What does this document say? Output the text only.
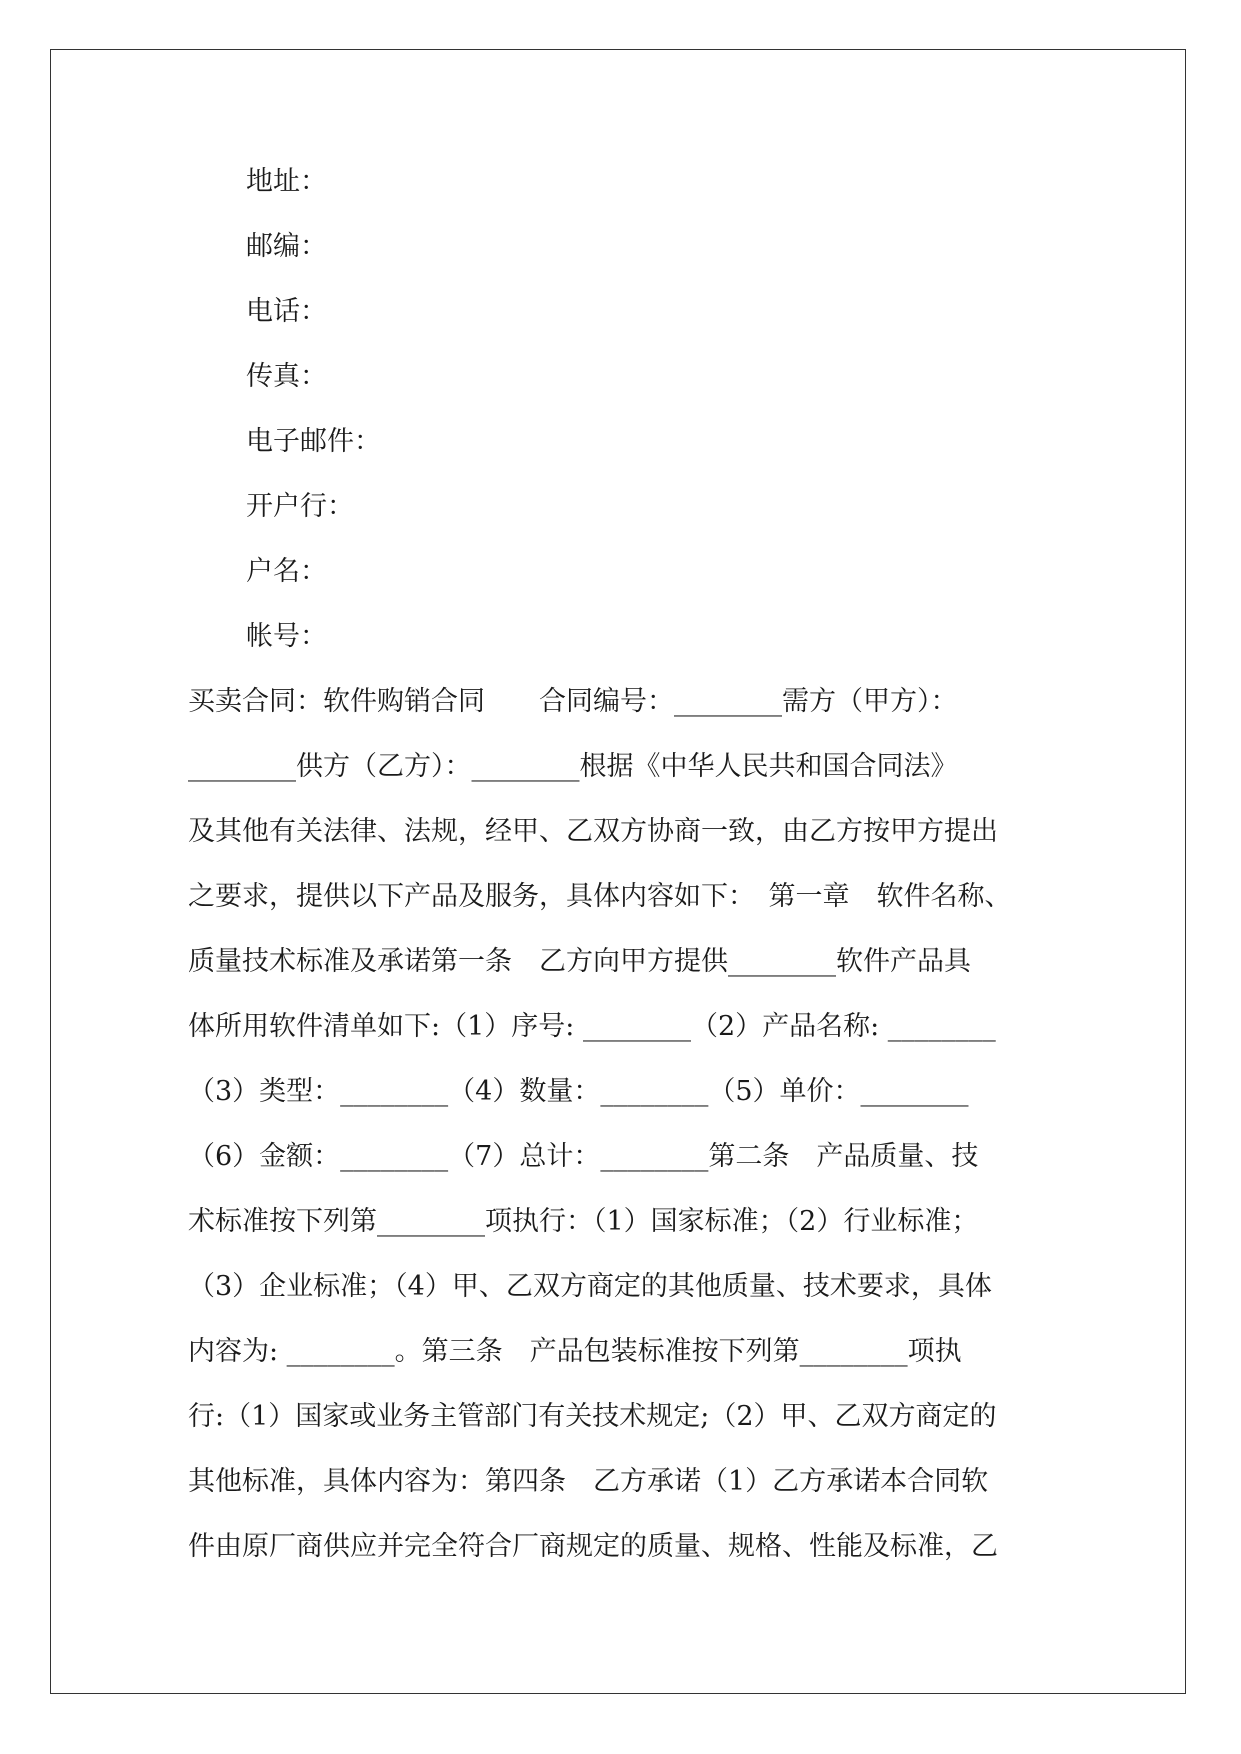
地址：
邮编：
电话：
传真：
电子邮件：
开户行：
户名：
帐号：
买卖合同：软件购销合同　　合同编号：________需方（甲方）：
________供方（乙方）：________根据《中华人民共和国合同法》
及其他有关法律、法规，经甲、乙双方协商一致，由乙方按甲方提出
之要求，提供以下产品及服务，具体内容如下：　第一章　软件名称、
质量技术标准及承诺第一条　乙方向甲方提供________软件产品具
体所用软件清单如下:（1）序号: ________（2）产品名称: ________
（3）类型：________（4）数量：________（5）单价：________
（6）金额：________（7）总计：________第二条　产品质量、技
术标准按下列第________项执行：（1）国家标准；（2）行业标准；
（3）企业标准；（4）甲、乙双方商定的其他质量、技术要求，具体
内容为: ________。第三条　产品包装标准按下列第________项执
行:（1）国家或业务主管部门有关技术规定;（2）甲、乙双方商定的
其他标准，具体内容为：第四条　乙方承诺（1）乙方承诺本合同软
件由原厂商供应并完全符合厂商规定的质量、规格、性能及标准，乙
